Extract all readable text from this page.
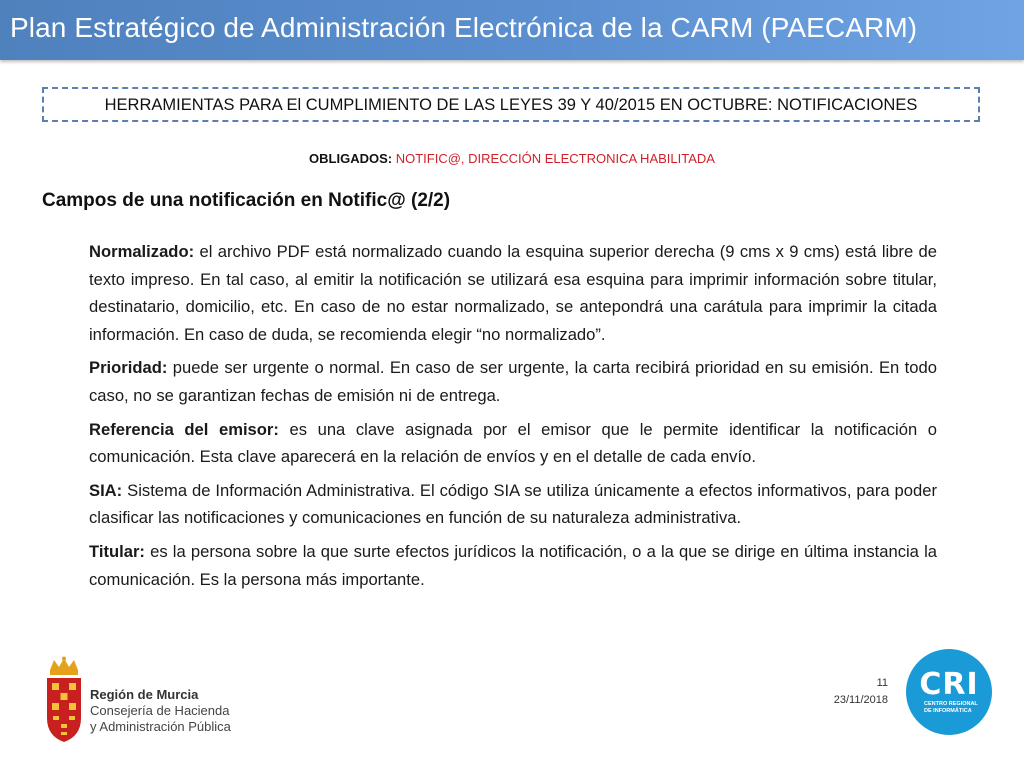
Plan Estratégico de Administración Electrónica de la CARM (PAECARM)
HERRAMIENTAS PARA El CUMPLIMIENTO DE LAS LEYES 39 Y 40/2015 EN OCTUBRE: NOTIFICACIONES
OBLIGADOS: NOTIFIC@, DIRECCIÓN ELECTRONICA HABILITADA
Campos de una notificación en Notific@ (2/2)

Normalizado: el archivo PDF está normalizado cuando la esquina superior derecha (9 cms x 9 cms) está libre de texto impreso. En tal caso, al emitir la notificación se utilizará esa esquina para imprimir información sobre titular, destinatario, domicilio, etc. En caso de no estar normalizado, se antepondrá una carátula para imprimir la citada información. En caso de duda, se recomienda elegir “no normalizado”.

Prioridad: puede ser urgente o normal. En caso de ser urgente, la carta recibirá prioridad en su emisión. En todo caso, no se garantizan fechas de emisión ni de entrega.

Referencia del emisor: es una clave asignada por el emisor que le permite identificar la notificación o comunicación. Esta clave aparecerá en la relación de envíos y en el detalle de cada envío.

SIA: Sistema de Información Administrativa. El código SIA se utiliza únicamente a efectos informativos, para poder clasificar las notificaciones y comunicaciones en función de su naturaleza administrativa.

Titular: es la persona sobre la que surte efectos jurídicos la notificación, o a la que se dirige en última instancia la comunicación. Es la persona más importante.

Región de Murcia
Consejería de Hacienda
y Administración Pública
11
23/11/2018	CRI
CENTRO REGIONAL
DE INFORMÁTICA
